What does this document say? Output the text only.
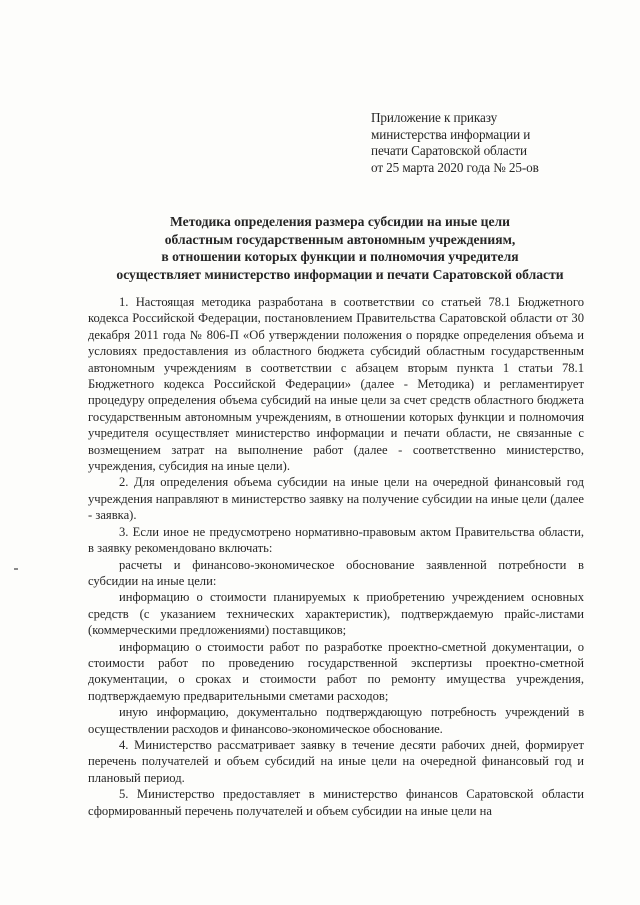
Приложение к приказу
министерства информации и
печати Саратовской области
от 25 марта 2020 года № 25-ов
Методика определения размера субсидии на иные цели
областным государственным автономным учреждениям,
в отношении которых функции и полномочия учредителя
осуществляет министерство информации и печати Саратовской области

1. Настоящая методика разработана в соответствии со статьей 78.1 Бюджетного кодекса Российской Федерации, постановлением Правительства Саратовской области от 30 декабря 2011 года № 806-П «Об утверждении положения о порядке определения объема и условиях предоставления из областного бюджета субсидий областным государственным автономным учреждениям в соответствии с абзацем вторым пункта 1 статьи 78.1 Бюджетного кодекса Российской Федерации» (далее - Методика) и регламентирует процедуру определения объема субсидий на иные цели за счет средств областного бюджета государственным автономным учреждениям, в отношении которых функции и полномочия учредителя осуществляет министерство информации и печати области, не связанные с возмещением затрат на выполнение работ (далее - соответственно министерство, учреждения, субсидия на иные цели).

2. Для определения объема субсидии на иные цели на очередной финансовый год учреждения направляют в министерство заявку на получение субсидии на иные цели (далее - заявка).

3. Если иное не предусмотрено нормативно-правовым актом Правительства области, в заявку рекомендовано включать:

расчеты и финансово-экономическое обоснование заявленной потребности в субсидии на иные цели:

информацию о стоимости планируемых к приобретению учреждением основных средств (с указанием технических характеристик), подтверждаемую прайс-листами (коммерческими предложениями) поставщиков;

информацию о стоимости работ по разработке проектно-сметной документации, о стоимости работ по проведению государственной экспертизы проектно-сметной документации, о сроках и стоимости работ по ремонту имущества учреждения, подтверждаемую предварительными сметами расходов;

иную информацию, документально подтверждающую потребность учреждений в осуществлении расходов и финансово-экономическое обоснование.

4. Министерство рассматривает заявку в течение десяти рабочих дней, формирует перечень получателей и объем субсидий на иные цели на очередной финансовый год и плановый период.

5. Министерство предоставляет в министерство финансов Саратовской области сформированный перечень получателей и объем субсидии на иные цели на
